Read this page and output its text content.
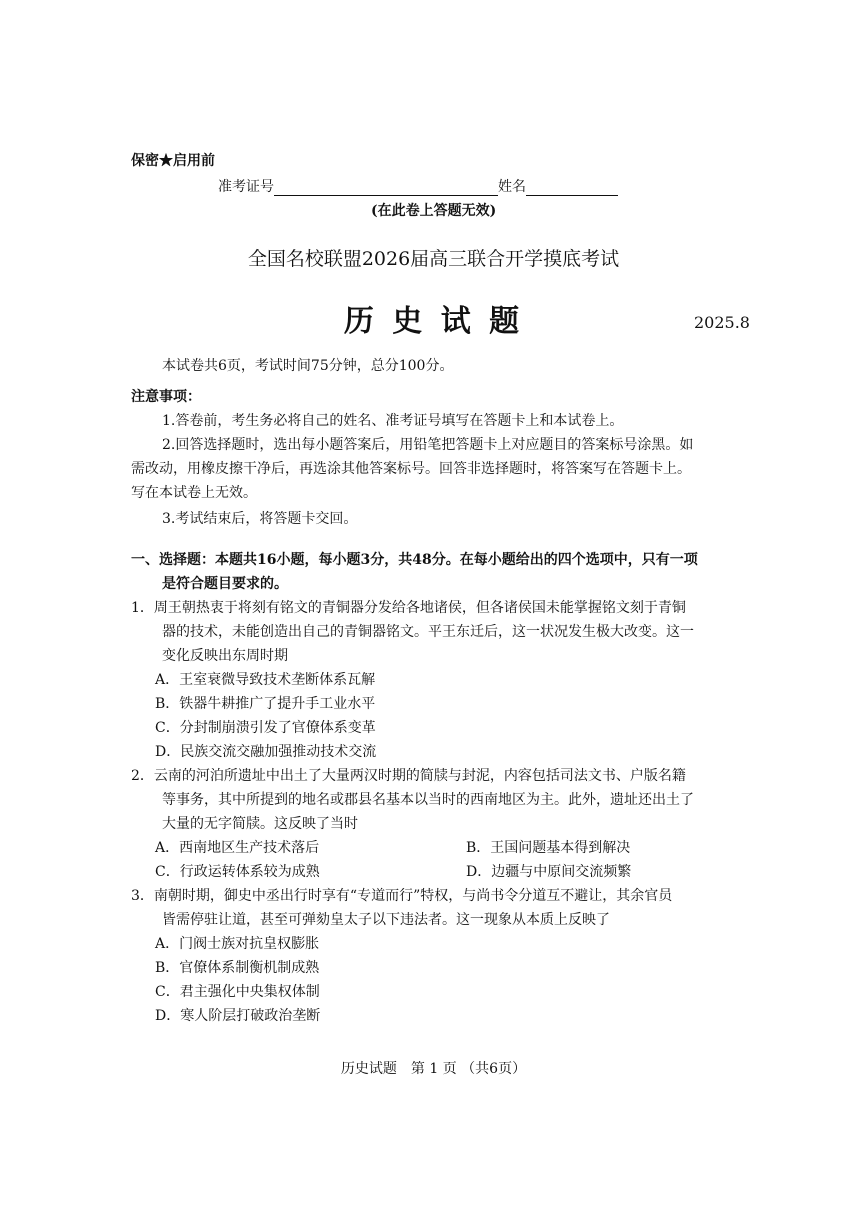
保密★启用前
准考证号	姓名
(在此卷上答题无效)
全国名校联盟2026届高三联合开学摸底考试
历 史 试 题	2025.8
本试卷共6页，考试时间75分钟，总分100分。
注意事项：
1.答卷前，考生务必将自己的姓名、准考证号填写在答题卡上和本试卷上。
2.回答选择题时，选出每小题答案后，用铅笔把答题卡上对应题目的答案标号涂黑。如
需改动，用橡皮擦干净后，再选涂其他答案标号。回答非选择题时，将答案写在答题卡上。
写在本试卷上无效。
3.考试结束后，将答题卡交回。
一、选择题：本题共16小题，每小题3分，共48分。在每小题给出的四个选项中，只有一项
是符合题目要求的。
1．周王朝热衷于将刻有铭文的青铜器分发给各地诸侯，但各诸侯国未能掌握铭文刻于青铜
器的技术，未能创造出自己的青铜器铭文。平王东迁后，这一状况发生极大改变。这一
变化反映出东周时期
A．王室衰微导致技术垄断体系瓦解
B．铁器牛耕推广了提升手工业水平
C．分封制崩溃引发了官僚体系变革
D．民族交流交融加强推动技术交流
2．云南的河泊所遗址中出土了大量两汉时期的简牍与封泥，内容包括司法文书、户版名籍
等事务，其中所提到的地名或郡县名基本以当时的西南地区为主。此外，遗址还出土了
大量的无字简牍。这反映了当时
A．西南地区生产技术落后	B．王国问题基本得到解决
C．行政运转体系较为成熟	D．边疆与中原间交流频繁
3．南朝时期，御史中丞出行时享有“专道而行”特权，与尚书令分道互不避让，其余官员
皆需停驻让道，甚至可弹劾皇太子以下违法者。这一现象从本质上反映了
A．门阀士族对抗皇权膨胀
B．官僚体系制衡机制成熟
C．君主强化中央集权体制
D．寒人阶层打破政治垄断
历史试题　第 1 页 （共6页）
